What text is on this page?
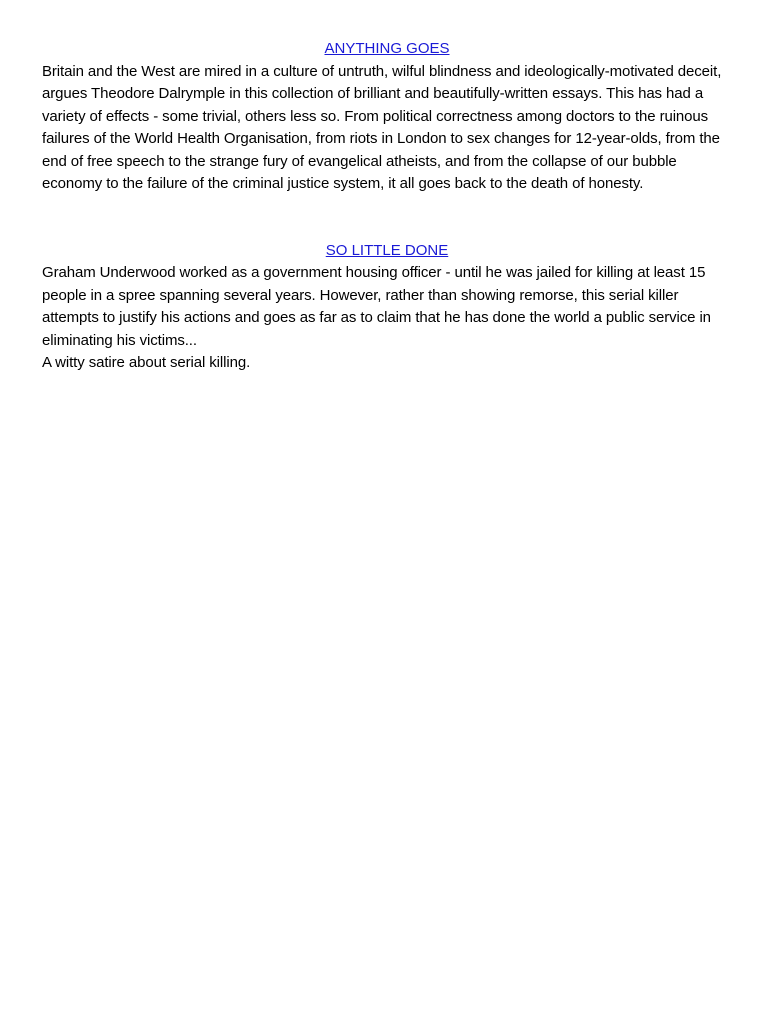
ANYTHING GOES

Britain and the West are mired in a culture of untruth, wilful blindness and ideologically-motivated deceit, argues Theodore Dalrymple in this collection of brilliant and beautifully-written essays. This has had a variety of effects - some trivial, others less so. From political correctness among doctors to the ruinous failures of the World Health Organisation, from riots in London to sex changes for 12-year-olds, from the end of free speech to the strange fury of evangelical atheists, and from the collapse of our bubble economy to the failure of the criminal justice system, it all goes back to the death of honesty.

SO LITTLE DONE

Graham Underwood worked as a government housing officer - until he was jailed for killing at least 15 people in a spree spanning several years. However, rather than showing remorse, this serial killer attempts to justify his actions and goes as far as to claim that he has done the world a public service in eliminating his victims...

A witty satire about serial killing.
